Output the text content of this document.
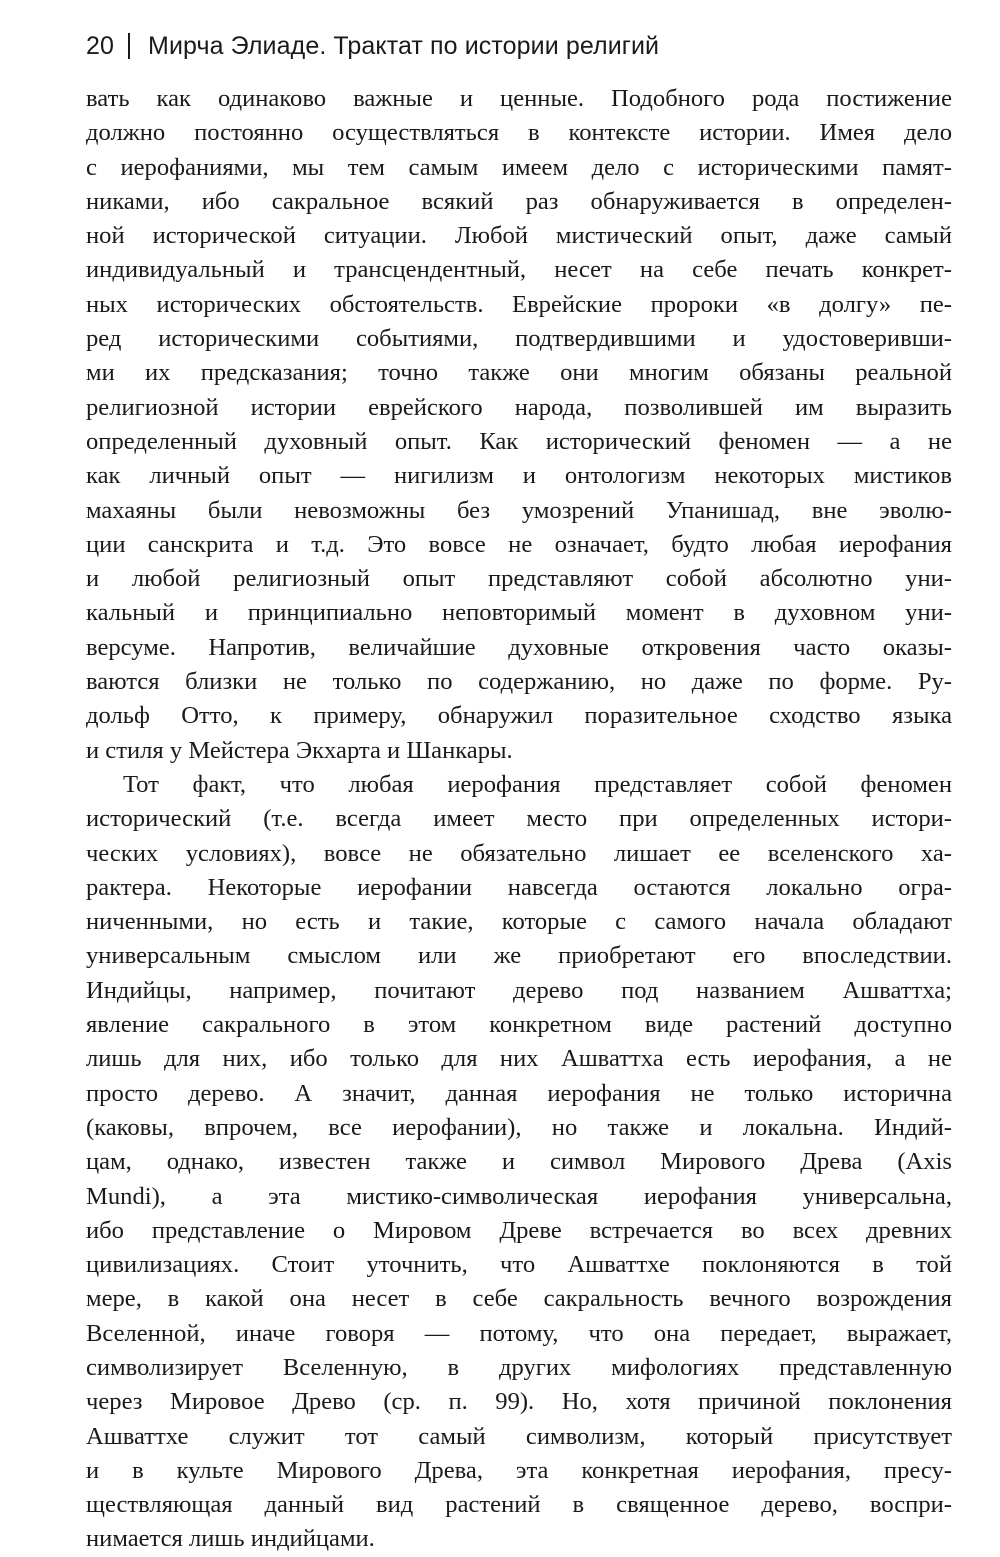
20 Мирча Элиаде. Трактат по истории религий
вать как одинаково важные и ценные. Подобного рода постижение
должно постоянно осуществляться в контексте истории. Имея дело
с иерофаниями, мы тем самым имеем дело с историческими памят-
никами, ибо сакральное всякий раз обнаруживается в определен-
ной исторической ситуации. Любой мистический опыт, даже самый
индивидуальный и трансцендентный, несет на себе печать конкрет-
ных исторических обстоятельств. Еврейские пророки «в долгу» пе-
ред историческими событиями, подтвердившими и удостоверивши-
ми их предсказания; точно также они многим обязаны реальной
религиозной истории еврейского народа, позволившей им выразить
определенный духовный опыт. Как исторический феномен — а не
как личный опыт — нигилизм и онтологизм некоторых мистиков
махаяны были невозможны без умозрений Упанишад, вне эволю-
ции санскрита и т.д. Это вовсе не означает, будто любая иерофания
и любой религиозный опыт представляют собой абсолютно уни-
кальный и принципиально неповторимый момент в духовном уни-
версуме. Напротив, величайшие духовные откровения часто оказы-
ваются близки не только по содержанию, но даже по форме. Ру-
дольф Отто, к примеру, обнаружил поразительное сходство языка
и стиля у Мейстера Экхарта и Шанкары.
Тот факт, что любая иерофания представляет собой феномен
исторический (т.е. всегда имеет место при определенных истори-
ческих условиях), вовсе не обязательно лишает ее вселенского ха-
рактера. Некоторые иерофании навсегда остаются локально огра-
ниченными, но есть и такие, которые с самого начала обладают
универсальным смыслом или же приобретают его впоследствии.
Индийцы, например, почитают дерево под названием Ашваттха;
явление сакрального в этом конкретном виде растений доступно
лишь для них, ибо только для них Ашваттха есть иерофания, а не
просто дерево. А значит, данная иерофания не только исторична
(каковы, впрочем, все иерофании), но также и локальна. Индий-
цам, однако, известен также и символ Мирового Древа (Axis
Mundi), а эта мистико-символическая иерофания универсальна,
ибо представление о Мировом Древе встречается во всех древних
цивилизациях. Стоит уточнить, что Ашваттхе поклоняются в той
мере, в какой она несет в себе сакральность вечного возрождения
Вселенной, иначе говоря — потому, что она передает, выражает,
символизирует Вселенную, в других мифологиях представленную
через Мировое Древо (ср. п. 99). Но, хотя причиной поклонения
Ашваттхе служит тот самый символизм, который присутствует
и в культе Мирового Древа, эта конкретная иерофания, пресу-
ществляющая данный вид растений в священное дерево, воспри-
нимается лишь индийцами.
